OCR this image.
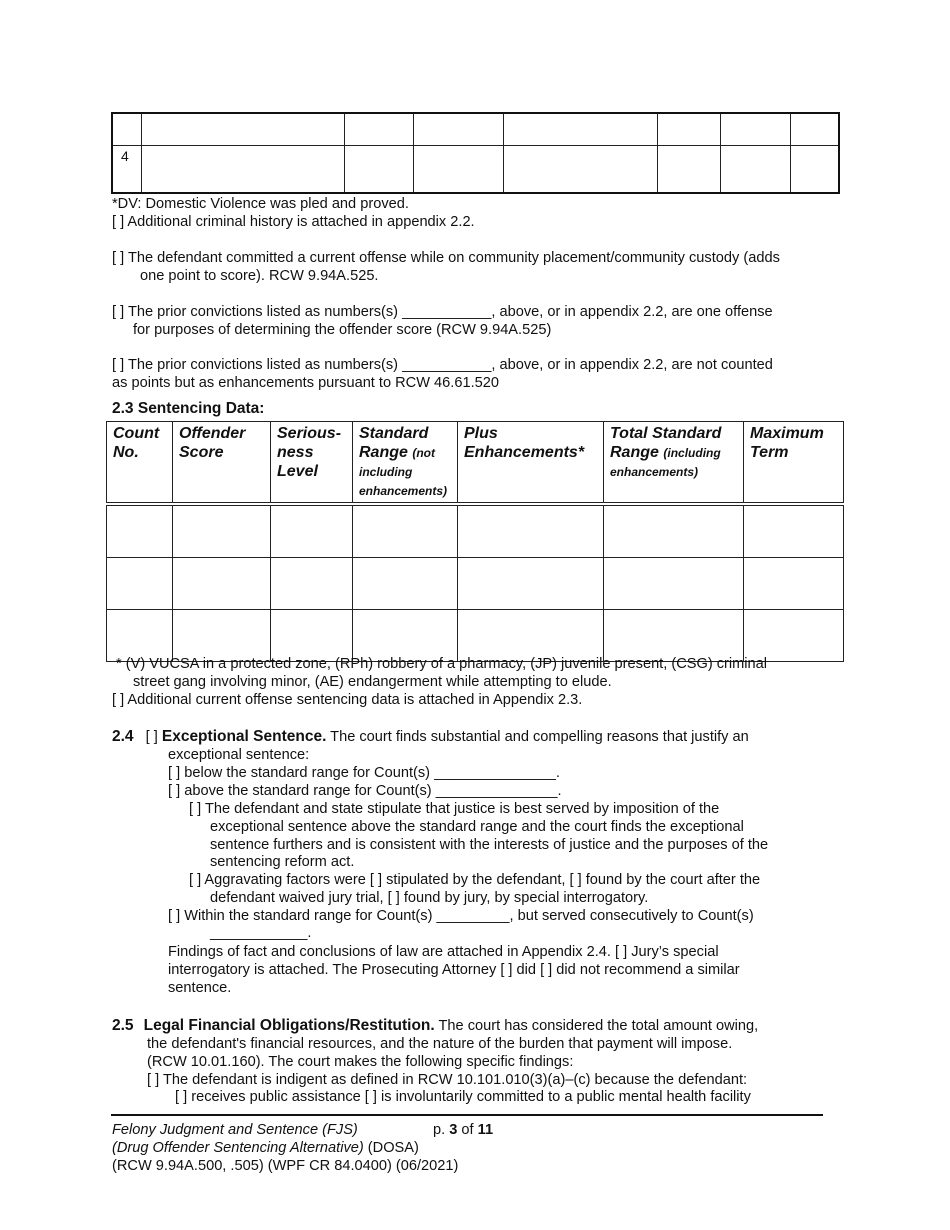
4							
*DV: Domestic Violence was pled and proved.
[ ] Additional criminal history is attached in appendix 2.2.
[ ] The defendant committed a current offense while on community placement/community custody (adds
one point to score). RCW 9.94A.525.
[ ] The prior convictions listed as numbers(s) ___________, above, or in appendix 2.2, are one offense
for purposes of determining the offender score (RCW 9.94A.525)
[ ] The prior convictions listed as numbers(s) ___________, above, or in appendix 2.2, are not counted
as points but as enhancements pursuant to RCW 46.61.520
2.3 Sentencing Data:
Count No.	Offender Score	Serious-ness Level	Standard Range (not including enhancements)	Plus Enhancements*	Total Standard Range (including enhancements)	Maximum Term

* (V) VUCSA in a protected zone, (RPh) robbery of a pharmacy, (JP) juvenile present, (CSG) criminal
street gang involving minor, (AE) endangerment while attempting to elude.
[ ] Additional current offense sentencing data is attached in Appendix 2.3.
2.4 [ ] Exceptional Sentence. The court finds substantial and compelling reasons that justify an
exceptional sentence:
[ ] below the standard range for Count(s) _______________.
[ ] above the standard range for Count(s) _______________.
[ ] The defendant and state stipulate that justice is best served by imposition of the
exceptional sentence above the standard range and the court finds the exceptional
sentence furthers and is consistent with the interests of justice and the purposes of the
sentencing reform act.
[ ] Aggravating factors were [ ] stipulated by the defendant, [ ] found by the court after the
defendant waived jury trial, [ ] found by jury, by special interrogatory.
[ ] Within the standard range for Count(s) _________, but served consecutively to Count(s)
____________.
Findings of fact and conclusions of law are attached in Appendix 2.4. [ ] Jury’s special
interrogatory is attached. The Prosecuting Attorney [ ] did [ ] did not recommend a similar
sentence.
2.5 Legal Financial Obligations/Restitution. The court has considered the total amount owing,
the defendant's financial resources, and the nature of the burden that payment will impose.
(RCW 10.01.160). The court makes the following specific findings:
[ ] The defendant is indigent as defined in RCW 10.101.010(3)(a)–(c) because the defendant:
[ ] receives public assistance [ ] is involuntarily committed to a public mental health facility
Felony Judgment and Sentence (FJS)	p. 3 of 11
(Drug Offender Sentencing Alternative) (DOSA)
(RCW 9.94A.500, .505) (WPF CR 84.0400) (06/2021)
